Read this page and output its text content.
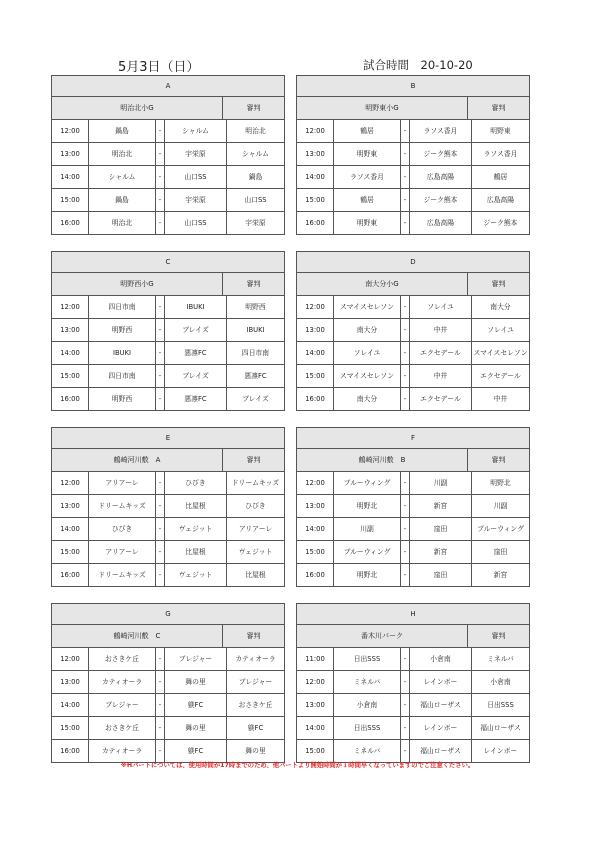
5月3日（日）	試合時間　20-10-20
A
明治北小G	審判
12:00	鍋島	-	シャルム	明治北
13:00	明治北	-	宇栄原	シャルム
14:00	シャルム	-	山口SS	鍋島
15:00	鍋島	-	宇栄原	山口SS
16:00	明治北	-	山口SS	宇栄原
B
明野東小G	審判
12:00	鶴居	-	ラソス香月	明野東
13:00	明野東	-	ジーク熊本	ラソス香月
14:00	ラソス香月	-	広島高陽	鶴居
15:00	鶴居	-	ジーク熊本	広島高陽
16:00	明野東	-	広島高陽	ジーク熊本
C
明野西小G	審判
12:00	四日市南	-	IBUKI	明野西
13:00	明野西	-	ブレイズ	IBUKI
14:00	IBUKI	-	悪凛FC	四日市南
15:00	四日市南	-	ブレイズ	悪凛FC
16:00	明野西	-	悪凛FC	ブレイズ
D
南大分小G	審判
12:00	スマイスセレソン	-	ソレイユ	南大分
13:00	南大分	-	中井	ソレイユ
14:00	ソレイユ	-	エクセデール	スマイスセレソン
15:00	スマイスセレソン	-	中井	エクセデール
16:00	南大分	-	エクセデール	中井
E
鶴崎河川敷　A	審判
12:00	アリアーレ	-	ひびき	ドリームキッズ
13:00	ドリームキッズ	-	比屋根	ひびき
14:00	ひびき	-	ヴェジット	アリアーレ
15:00	アリアーレ	-	比屋根	ヴェジット
16:00	ドリームキッズ	-	ヴェジット	比屋根
F
鶴崎河川敷　B	審判
12:00	ブルーウィング	-	川副	明野北
13:00	明野北	-	新宮	川副
14:00	川副	-	窪田	ブルーウィング
15:00	ブルーウィング	-	新宮	窪田
16:00	明野北	-	窪田	新宮
G
鶴崎河川敷　C	審判
12:00	おさきケ丘	-	ブレジャー	カティオーラ
13:00	カティオーラ	-	舞の里	ブレジャー
14:00	ブレジャー	-	躾FC	おさきケ丘
15:00	おさきケ丘	-	舞の里	躾FC
16:00	カティオーラ	-	躾FC	舞の里
H
番木川パーク	審判
11:00	日出SSS	-	小倉南	ミネルバ
12:00	ミネルバ	-	レインボー	小倉南
13:00	小倉南	-	福山ローザス	日出SSS
14:00	日出SSS	-	レインボー	福山ローザス
15:00	ミネルバ	-	福山ローザス	レインボー
※Hパートについては、使用時間が17時までのため、他パートより開始時間が１時間早くなっていますのでご注意ください。
